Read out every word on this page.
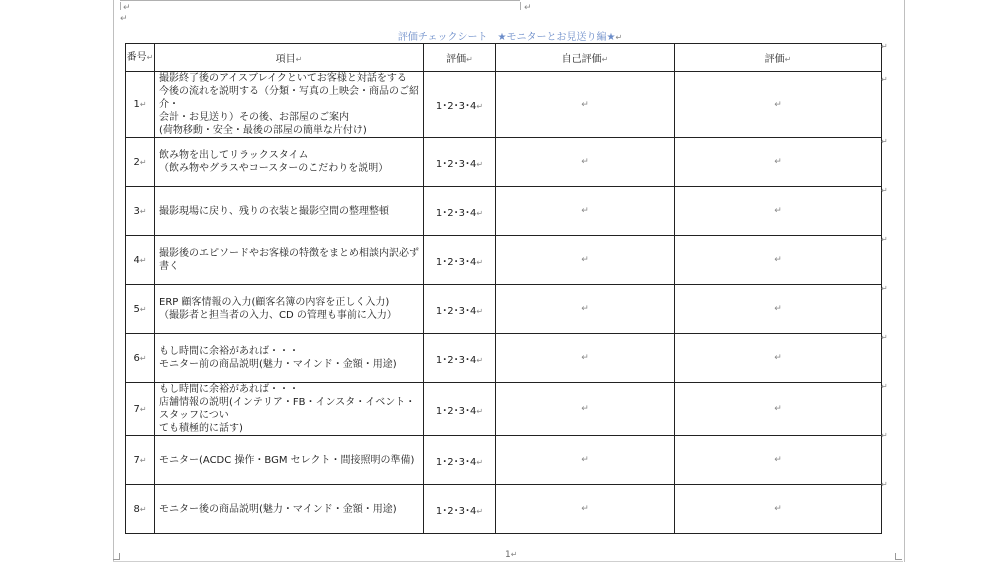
↵	↵
↵
評価チェックシート　★モニターとお見送り編★↵
番号↵	項目↵	評価↵	自己評価↵	評価↵
1↵	撮影終了後のアイスブレイクといてお客様と対話をする
今後の流れを説明する（分類・写真の上映会・商品のご紹介・
会計・お見送り）その後、お部屋のご案内
(荷物移動・安全・最後の部屋の簡単な片付け)	1･2･3･4↵	↵	↵
2↵	飲み物を出してリラックスタイム
（飲み物やグラスやコースターのこだわりを説明）	1･2･3･4↵	↵	↵
3↵	撮影現場に戻り、残りの衣装と撮影空間の整理整頓	1･2･3･4↵	↵	↵
4↵	撮影後のエピソードやお客様の特徴をまとめ相談内訳必ず書く	1･2･3･4↵	↵	↵
5↵	ERP 顧客情報の入力(顧客名簿の内容を正しく入力)
（撮影者と担当者の入力、CD の管理も事前に入力）	1･2･3･4↵	↵	↵
6↵	もし時間に余裕があれば・・・
モニター前の商品説明(魅力・マインド・金額・用途)	1･2･3･4↵	↵	↵
7↵	もし時間に余裕があれば・・・
店舗情報の説明(インテリア・FB・インスタ・イベント・スタッフについ
ても積極的に話す)	1･2･3･4↵	↵	↵
7↵	モニター(ACDC 操作・BGM セレクト・間接照明の準備)	1･2･3･4↵	↵	↵
8↵	モニター後の商品説明(魅力・マインド・金額・用途)	1･2･3･4↵	↵	↵
↵
↵
↵
↵
↵
↵
↵
↵
↵
↵
1↵
